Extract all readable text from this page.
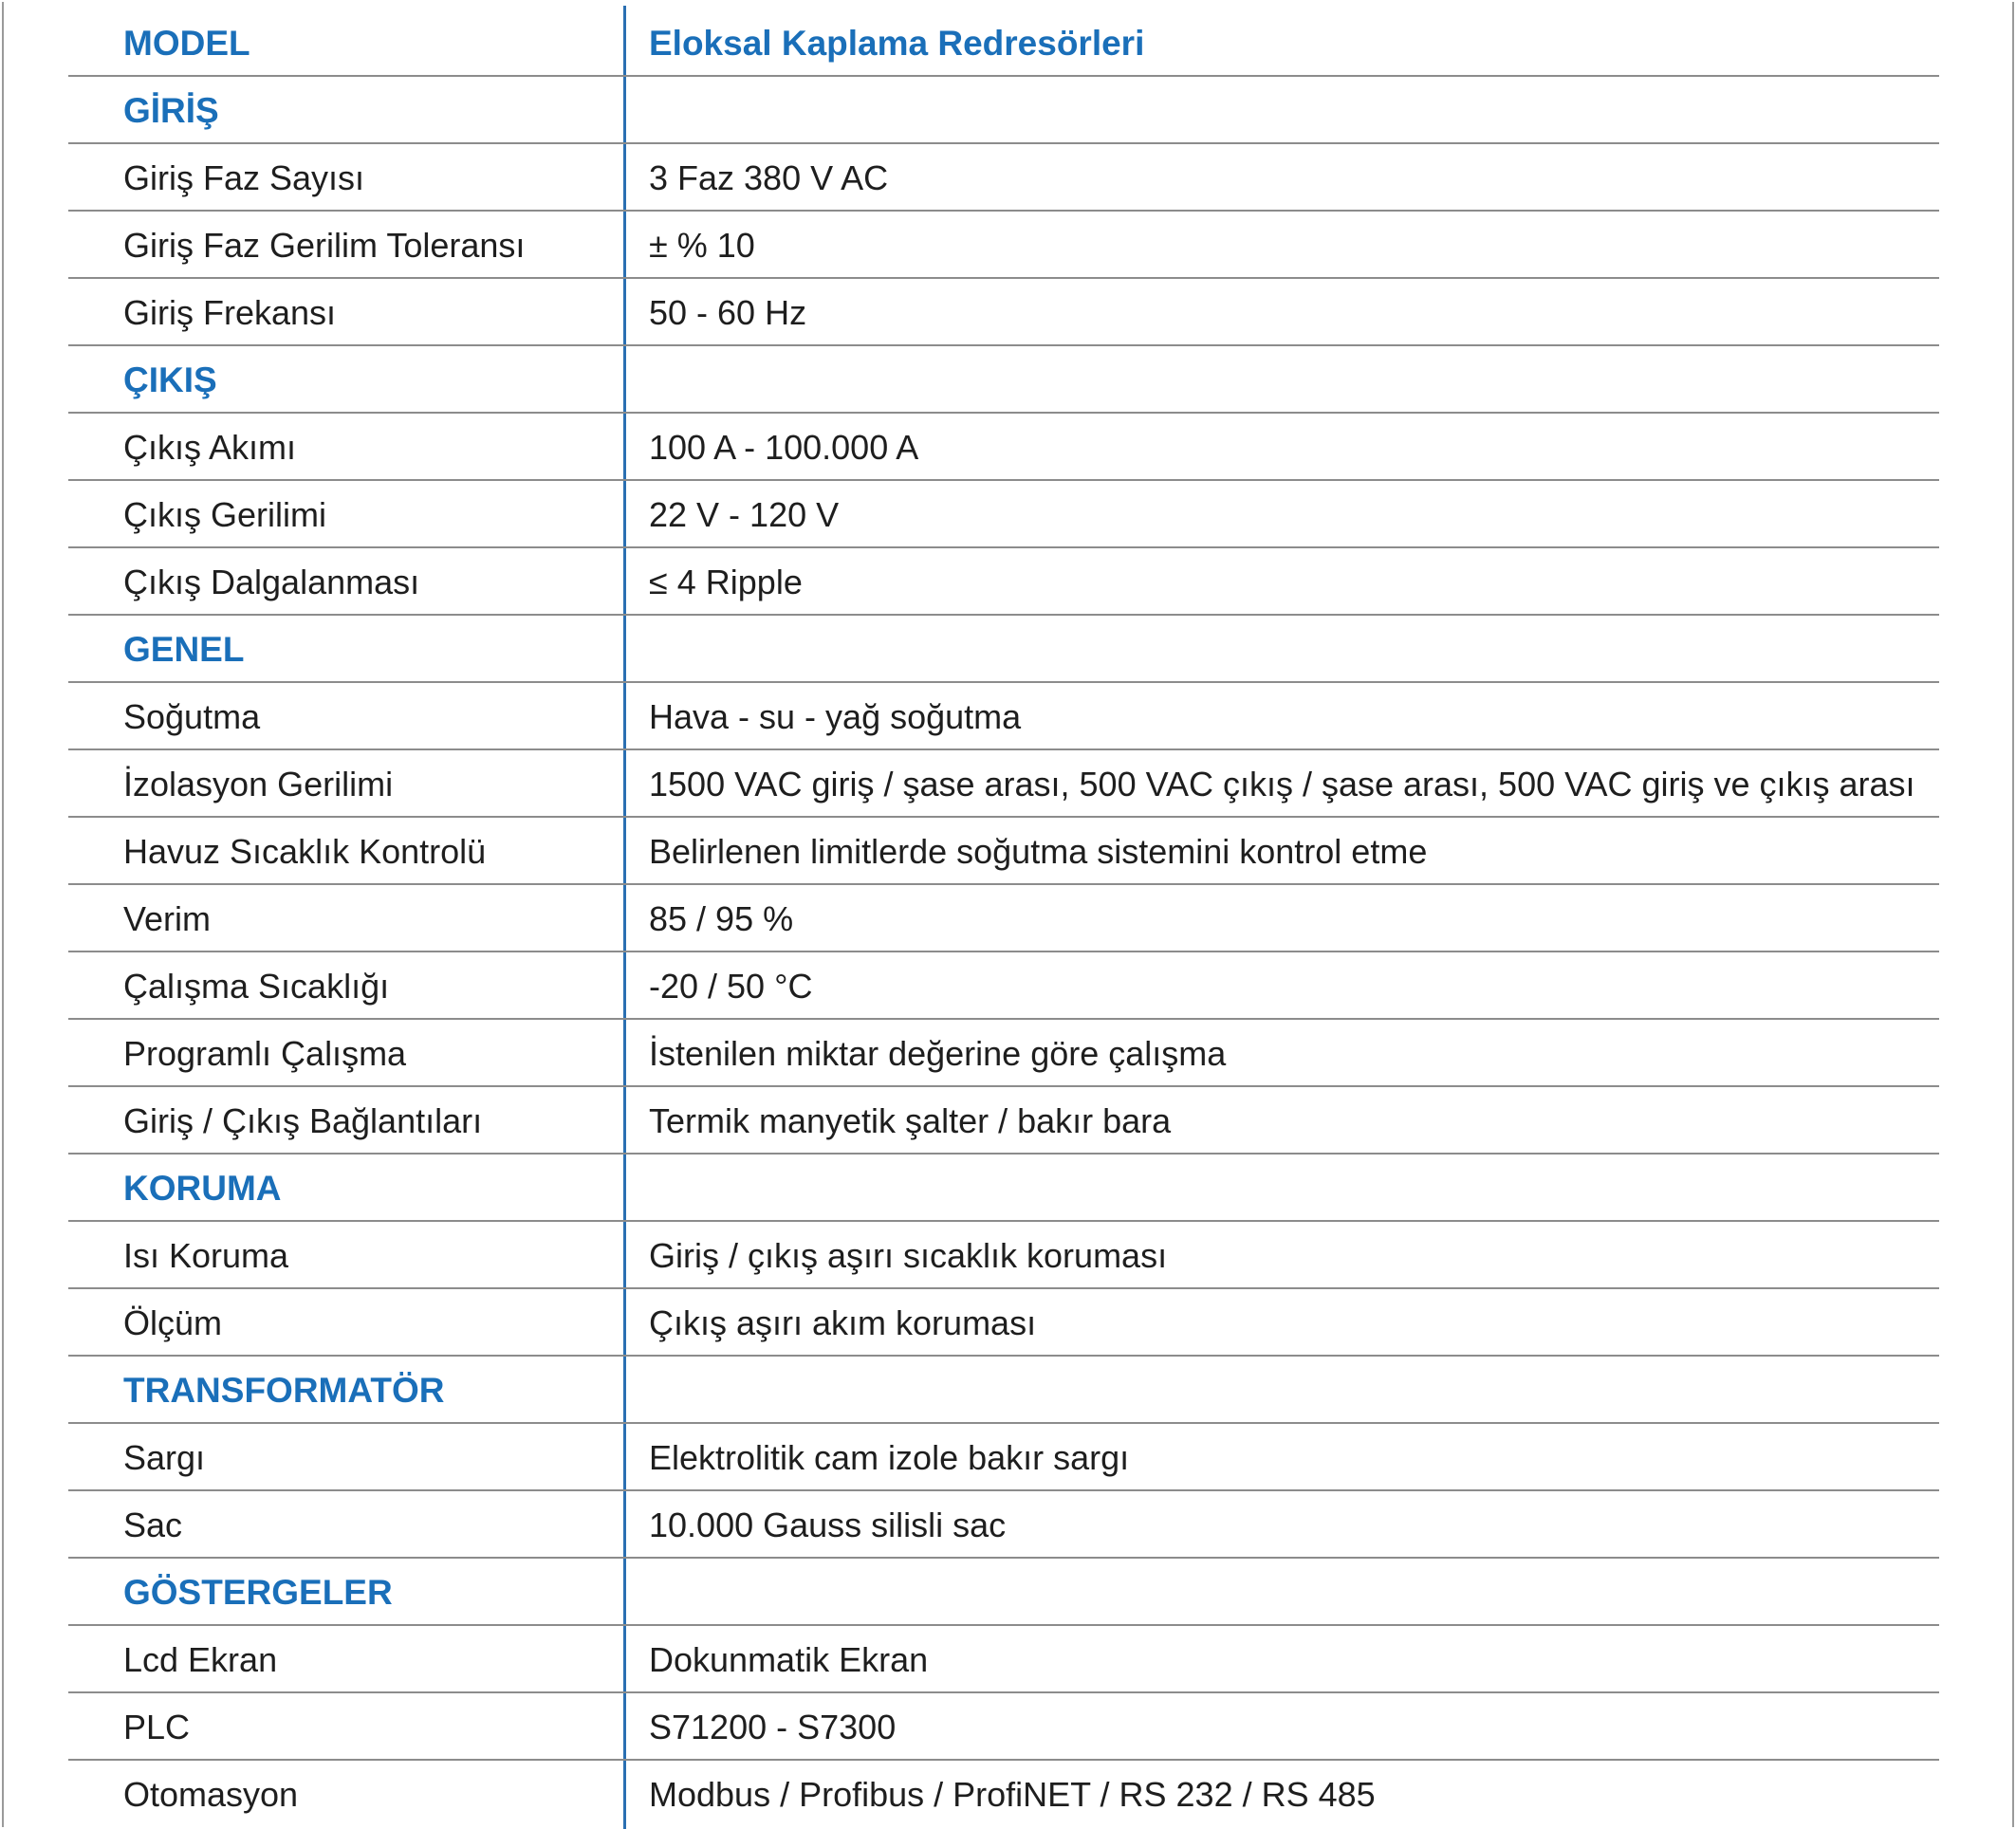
MODEL	Eloksal Kaplama Redresörleri
GİRİŞ
Giriş Faz Sayısı	3 Faz 380 V AC
Giriş Faz Gerilim Toleransı	± % 10
Giriş Frekansı	50 - 60 Hz
ÇIKIŞ
Çıkış Akımı	100 A - 100.000 A
Çıkış Gerilimi	22 V - 120 V
Çıkış Dalgalanması	≤ 4 Ripple
GENEL
Soğutma	Hava - su - yağ soğutma
İzolasyon Gerilimi	1500 VAC giriş / şase arası, 500 VAC çıkış / şase arası, 500 VAC giriş ve çıkış arası
Havuz Sıcaklık Kontrolü	Belirlenen limitlerde soğutma sistemini kontrol etme
Verim	85 / 95 %
Çalışma Sıcaklığı	-20 / 50 °C
Programlı Çalışma	İstenilen miktar değerine göre çalışma
Giriş / Çıkış Bağlantıları	Termik manyetik şalter / bakır bara
KORUMA
Isı Koruma	Giriş / çıkış aşırı sıcaklık koruması
Ölçüm	Çıkış aşırı akım koruması
TRANSFORMATÖR
Sargı	Elektrolitik cam izole bakır sargı
Sac	10.000 Gauss silisli sac
GÖSTERGELER
Lcd Ekran	Dokunmatik Ekran
PLC	S71200 - S7300
Otomasyon	Modbus / Profibus / ProfiNET / RS 232 / RS 485
